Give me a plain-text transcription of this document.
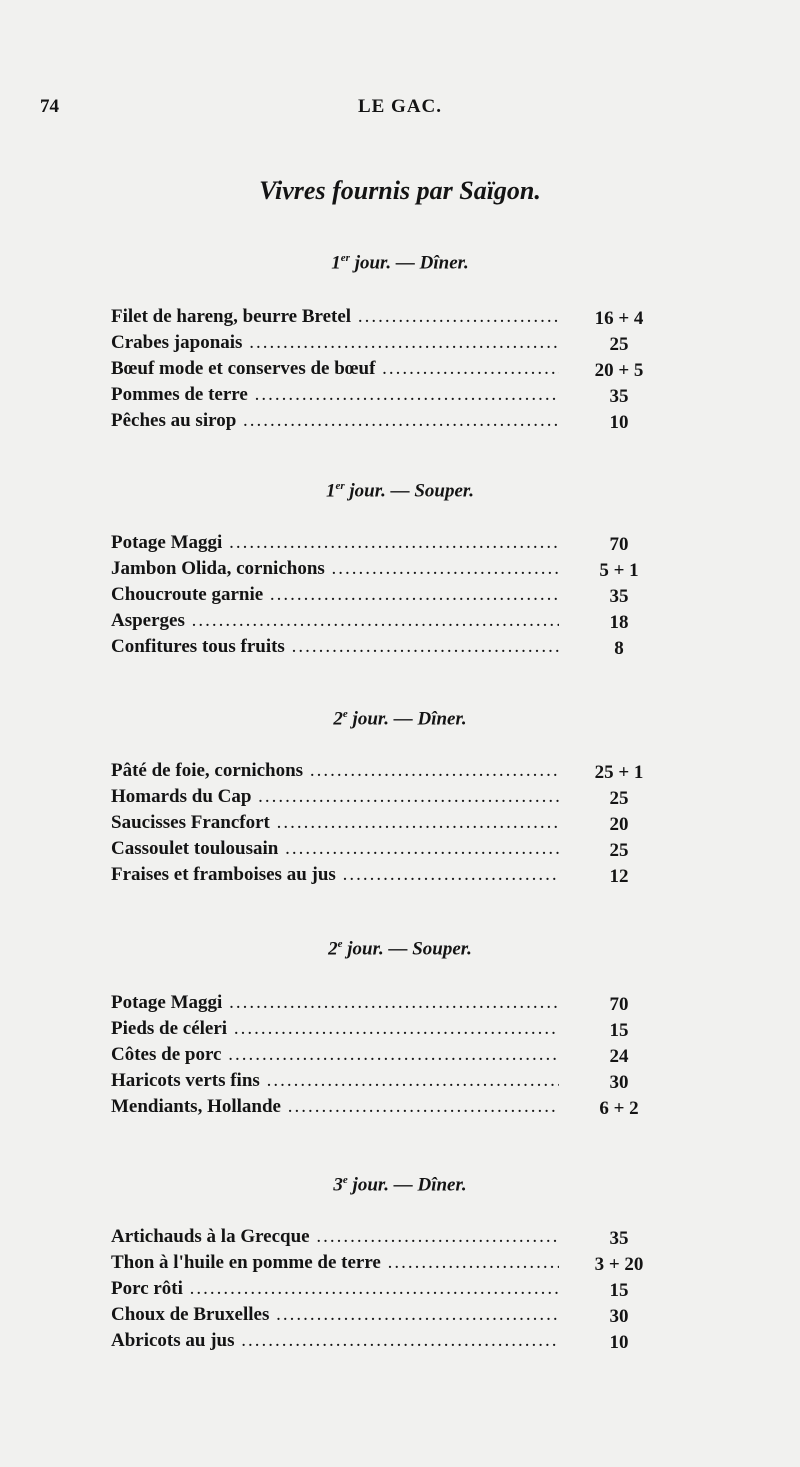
74	LE GAC.
Vivres fournis par Saïgon.
1er jour. — Dîner.
Filet de hareng, beurre Bretel .....	16 + 4
Crabes japonais .....	25
Bœuf mode et conserves de bœuf .....	20 + 5
Pommes de terre .....	35
Pêches au sirop .....	10
1er jour. — Souper.
Potage Maggi .....	70
Jambon Olida, cornichons .....	5 + 1
Choucroute garnie .....	35
Asperges .....	18
Confitures tous fruits .....	8
2e jour. — Dîner.
Pâté de foie, cornichons .....	25 + 1
Homards du Cap .....	25
Saucisses Francfort .....	20
Cassoulet toulousain .....	25
Fraises et framboises au jus .....	12
2e jour. — Souper.
Potage Maggi .....	70
Pieds de céleri .....	15
Côtes de porc .....	24
Haricots verts fins .....	30
Mendiants, Hollande .....	6 + 2
3e jour. — Dîner.
Artichauds à la Grecque .....	35
Thon à l'huile en pomme de terre .....	3 + 20
Porc rôti .....	15
Choux de Bruxelles .....	30
Abricots au jus .....	10
